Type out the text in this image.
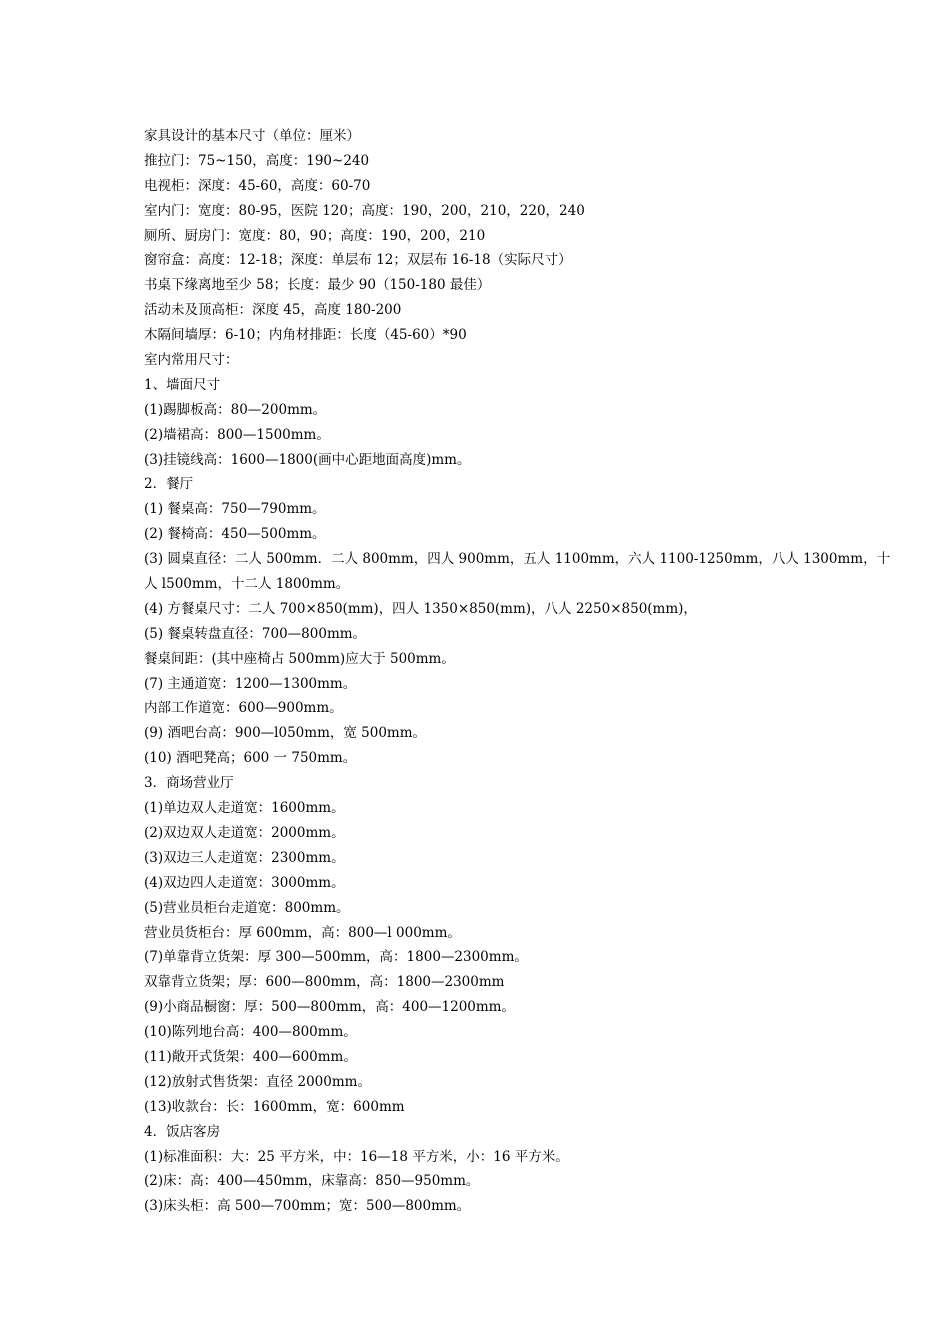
家具设计的基本尺寸（单位：厘米）
推拉门：75~150，高度：190~240
电视柜：深度：45-60，高度：60-70
室内门：宽度：80-95，医院 120；高度：190，200，210，220，240
厕所、厨房门：宽度：80，90；高度：190，200，210
窗帘盒：高度：12-18；深度：单层布 12；双层布 16-18（实际尺寸）
书桌下缘离地至少 58；长度：最少 90（150-180 最佳）
活动未及顶高柜：深度 45，高度 180-200
木隔间墙厚：6-10；内角材排距：长度（45-60）*90
室内常用尺寸：
1、墙面尺寸
(1)踢脚板高：80—200mm。
(2)墙裙高：800—1500mm。
(3)挂镜线高：1600—1800(画中心距地面高度)mm。
2．餐厅
(1) 餐桌高：750—790mm。
(2) 餐椅高：450—500mm。
(3) 圆桌直径：二人 500mm．二人 800mm，四人 900mm，五人 1100mm，六人 1100-1250mm，八人 1300mm，十
人 l500mm，十二人 1800mm。
(4) 方餐桌尺寸：二人 700×850(mm)，四人 1350×850(mm)，八人 2250×850(mm)，
(5) 餐桌转盘直径：700—800mm。
餐桌间距：(其中座椅占 500mm)应大于 500mm。
(7) 主通道宽：1200—1300mm。
内部工作道宽：600—900mm。
(9) 酒吧台高：900—l050mm，宽 500mm。
(10) 酒吧凳高；600 一 750mm。
3．商场营业厅
(1)单边双人走道宽：1600mm。
(2)双边双人走道宽：2000mm。
(3)双边三人走道宽：2300mm。
(4)双边四人走道宽：3000mm。
(5)营业员柜台走道宽：800mm。
营业员货柜台：厚 600mm，高：800—l 000mm。
(7)单靠背立货架：厚 300—500mm，高：1800—2300mm。
双靠背立货架；厚：600—800mm，高：1800—2300mm
(9)小商品橱窗：厚：500—800mm，高：400—1200mm。
(10)陈列地台高：400—800mm。
(11)敞开式货架：400—600mm。
(12)放射式售货架：直径 2000mm。
(13)收款台：长：1600mm，宽：600mm
4．饭店客房
(1)标准面积：大：25 平方米，中：16—18 平方米，小：16 平方米。
(2)床：高：400—450mm，床靠高：850—950mm。
(3)床头柜：高 500—700mm；宽：500—800mm。
